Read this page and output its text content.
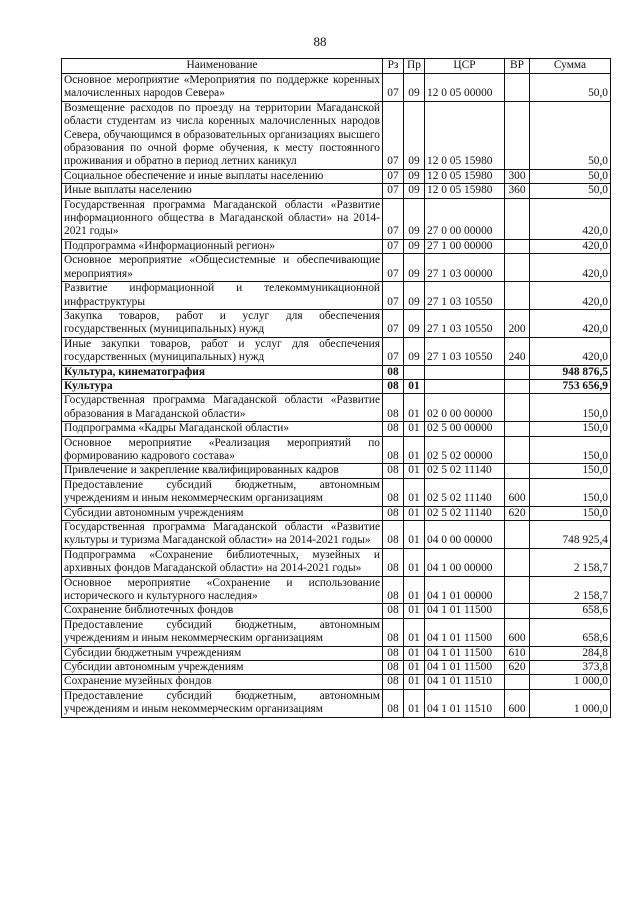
88
Наименование	Рз	Пр	ЦСР	ВР	Сумма
Основное мероприятие «Мероприятия по поддержке коренных малочисленных народов Севера»	07	09	12 0 05 00000		50,0
Возмещение расходов по проезду на территории Магаданской области студентам из числа коренных малочисленных народов Севера, обучающимся в образовательных организациях высшего образования по очной форме обучения, к месту постоянного проживания и обратно в период летних каникул	07	09	12 0 05 15980		50,0
Социальное обеспечение и иные выплаты населению	07	09	12 0 05 15980	300	50,0
Иные выплаты населению	07	09	12 0 05 15980	360	50,0
Государственная программа Магаданской области «Развитие информационного общества в Магаданской области» на 2014-2021 годы»	07	09	27 0 00 00000		420,0
Подпрограмма «Информационный регион»	07	09	27 1 00 00000		420,0
Основное мероприятие «Общесистемные и обеспечивающие мероприятия»	07	09	27 1 03 00000		420,0
Развитие информационной и телекоммуникационной инфраструктуры	07	09	27 1 03 10550		420,0
Закупка товаров, работ и услуг для обеспечения государственных (муниципальных) нужд	07	09	27 1 03 10550	200	420,0
Иные закупки товаров, работ и услуг для обеспечения государственных (муниципальных) нужд	07	09	27 1 03 10550	240	420,0
Культура, кинематография	08				948 876,5
Культура	08	01			753 656,9
Государственная программа Магаданской области «Развитие образования в Магаданской области»	08	01	02 0 00 00000		150,0
Подпрограмма «Кадры Магаданской области»	08	01	02 5 00 00000		150,0
Основное мероприятие «Реализация мероприятий по формированию кадрового состава»	08	01	02 5 02 00000		150,0
Привлечение и закрепление квалифицированных кадров	08	01	02 5 02 11140		150,0
Предоставление субсидий бюджетным, автономным учреждениям и иным некоммерческим организациям	08	01	02 5 02 11140	600	150,0
Субсидии автономным учреждениям	08	01	02 5 02 11140	620	150,0
Государственная программа Магаданской области «Развитие культуры и туризма Магаданской области» на 2014-2021 годы»	08	01	04 0 00 00000		748 925,4
Подпрограмма «Сохранение библиотечных, музейных и архивных фондов Магаданской области» на 2014-2021 годы»	08	01	04 1 00 00000		2 158,7
Основное мероприятие «Сохранение и использование исторического и культурного наследия»	08	01	04 1 01 00000		2 158,7
Сохранение библиотечных фондов	08	01	04 1 01 11500		658,6
Предоставление субсидий бюджетным, автономным учреждениям и иным некоммерческим организациям	08	01	04 1 01 11500	600	658,6
Субсидии бюджетным учреждениям	08	01	04 1 01 11500	610	284,8
Субсидии автономным учреждениям	08	01	04 1 01 11500	620	373,8
Сохранение музейных фондов	08	01	04 1 01 11510		1 000,0
Предоставление субсидий бюджетным, автономным учреждениям и иным некоммерческим организациям	08	01	04 1 01 11510	600	1 000,0
